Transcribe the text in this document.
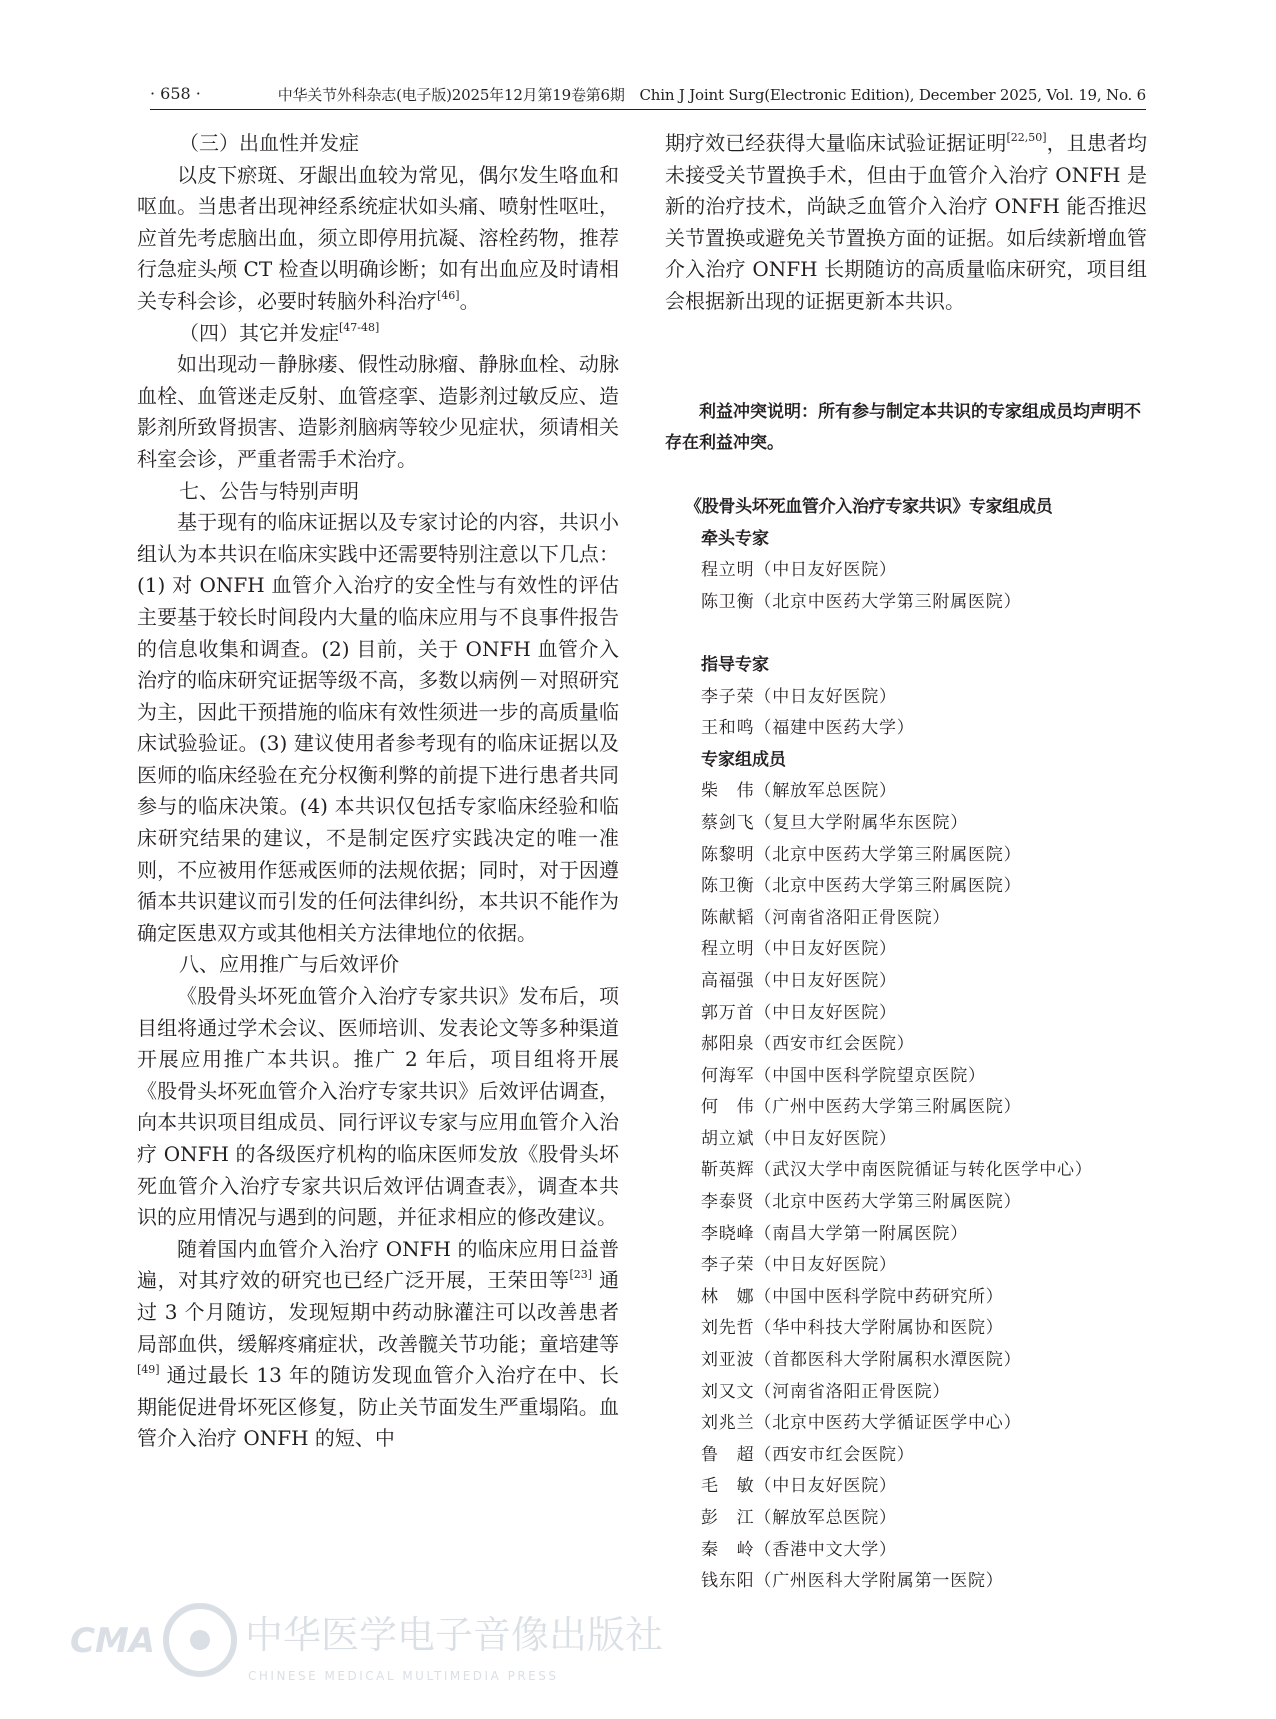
· 658 ·	中华关节外科杂志(电子版)2025年12月第19卷第6期　Chin J Joint Surg(Electronic Edition), December 2025, Vol. 19, No. 6

（三）出血性并发症

以皮下瘀斑、牙龈出血较为常见，偶尔发生咯血和呕血。当患者出现神经系统症状如头痛、喷射性呕吐，应首先考虑脑出血，须立即停用抗凝、溶栓药物，推荐行急症头颅 CT 检查以明确诊断；如有出血应及时请相关专科会诊，必要时转脑外科治疗[46]。

（四）其它并发症[47-48]

如出现动－静脉瘘、假性动脉瘤、静脉血栓、动脉血栓、血管迷走反射、血管痉挛、造影剂过敏反应、造影剂所致肾损害、造影剂脑病等较少见症状，须请相关科室会诊，严重者需手术治疗。

七、公告与特别声明

基于现有的临床证据以及专家讨论的内容，共识小组认为本共识在临床实践中还需要特别注意以下几点：(1) 对 ONFH 血管介入治疗的安全性与有效性的评估主要基于较长时间段内大量的临床应用与不良事件报告的信息收集和调查。(2) 目前，关于 ONFH 血管介入治疗的临床研究证据等级不高，多数以病例－对照研究为主，因此干预措施的临床有效性须进一步的高质量临床试验验证。(3) 建议使用者参考现有的临床证据以及医师的临床经验在充分权衡利弊的前提下进行患者共同参与的临床决策。(4) 本共识仅包括专家临床经验和临床研究结果的建议，不是制定医疗实践决定的唯一准则，不应被用作惩戒医师的法规依据；同时，对于因遵循本共识建议而引发的任何法律纠纷，本共识不能作为确定医患双方或其他相关方法律地位的依据。

八、应用推广与后效评价

《股骨头坏死血管介入治疗专家共识》发布后，项目组将通过学术会议、医师培训、发表论文等多种渠道开展应用推广本共识。推广 2 年后，项目组将开展《股骨头坏死血管介入治疗专家共识》后效评估调查，向本共识项目组成员、同行评议专家与应用血管介入治疗 ONFH 的各级医疗机构的临床医师发放《股骨头坏死血管介入治疗专家共识后效评估调查表》，调查本共识的应用情况与遇到的问题，并征求相应的修改建议。

随着国内血管介入治疗 ONFH 的临床应用日益普遍，对其疗效的研究也已经广泛开展，王荣田等[23] 通过 3 个月随访，发现短期中药动脉灌注可以改善患者局部血供，缓解疼痛症状，改善髋关节功能；童培建等[49] 通过最长 13 年的随访发现血管介入治疗在中、长期能促进骨坏死区修复，防止关节面发生严重塌陷。血管介入治疗 ONFH 的短、中

期疗效已经获得大量临床试验证据证明[22,50]，且患者均未接受关节置换手术，但由于血管介入治疗 ONFH 是新的治疗技术，尚缺乏血管介入治疗 ONFH 能否推迟关节置换或避免关节置换方面的证据。如后续新增血管介入治疗 ONFH 长期随访的高质量临床研究，项目组会根据新出现的证据更新本共识。

利益冲突说明：所有参与制定本共识的专家组成员均声明不存在利益冲突。

《股骨头坏死血管介入治疗专家共识》专家组成员
牵头专家
程立明（中日友好医院）
陈卫衡（北京中医药大学第三附属医院）
指导专家
李子荣（中日友好医院）
王和鸣（福建中医药大学）
专家组成员
柴　伟（解放军总医院）
蔡剑飞（复旦大学附属华东医院）
陈黎明（北京中医药大学第三附属医院）
陈卫衡（北京中医药大学第三附属医院）
陈献韬（河南省洛阳正骨医院）
程立明（中日友好医院）
高福强（中日友好医院）
郭万首（中日友好医院）
郝阳泉（西安市红会医院）
何海军（中国中医科学院望京医院）
何　伟（广州中医药大学第三附属医院）
胡立斌（中日友好医院）
靳英辉（武汉大学中南医院循证与转化医学中心）
李泰贤（北京中医药大学第三附属医院）
李晓峰（南昌大学第一附属医院）
李子荣（中日友好医院）
林　娜（中国中医科学院中药研究所）
刘先哲（华中科技大学附属协和医院）
刘亚波（首都医科大学附属积水潭医院）
刘又文（河南省洛阳正骨医院）
刘兆兰（北京中医药大学循证医学中心）
鲁　超（西安市红会医院）
毛　敏（中日友好医院）
彭　江（解放军总医院）
秦　岭（香港中文大学）
钱东阳（广州医科大学附属第一医院）
CMA 中华医学电子音像出版社
CHINESE MEDICAL MULTIMEDIA PRESS
